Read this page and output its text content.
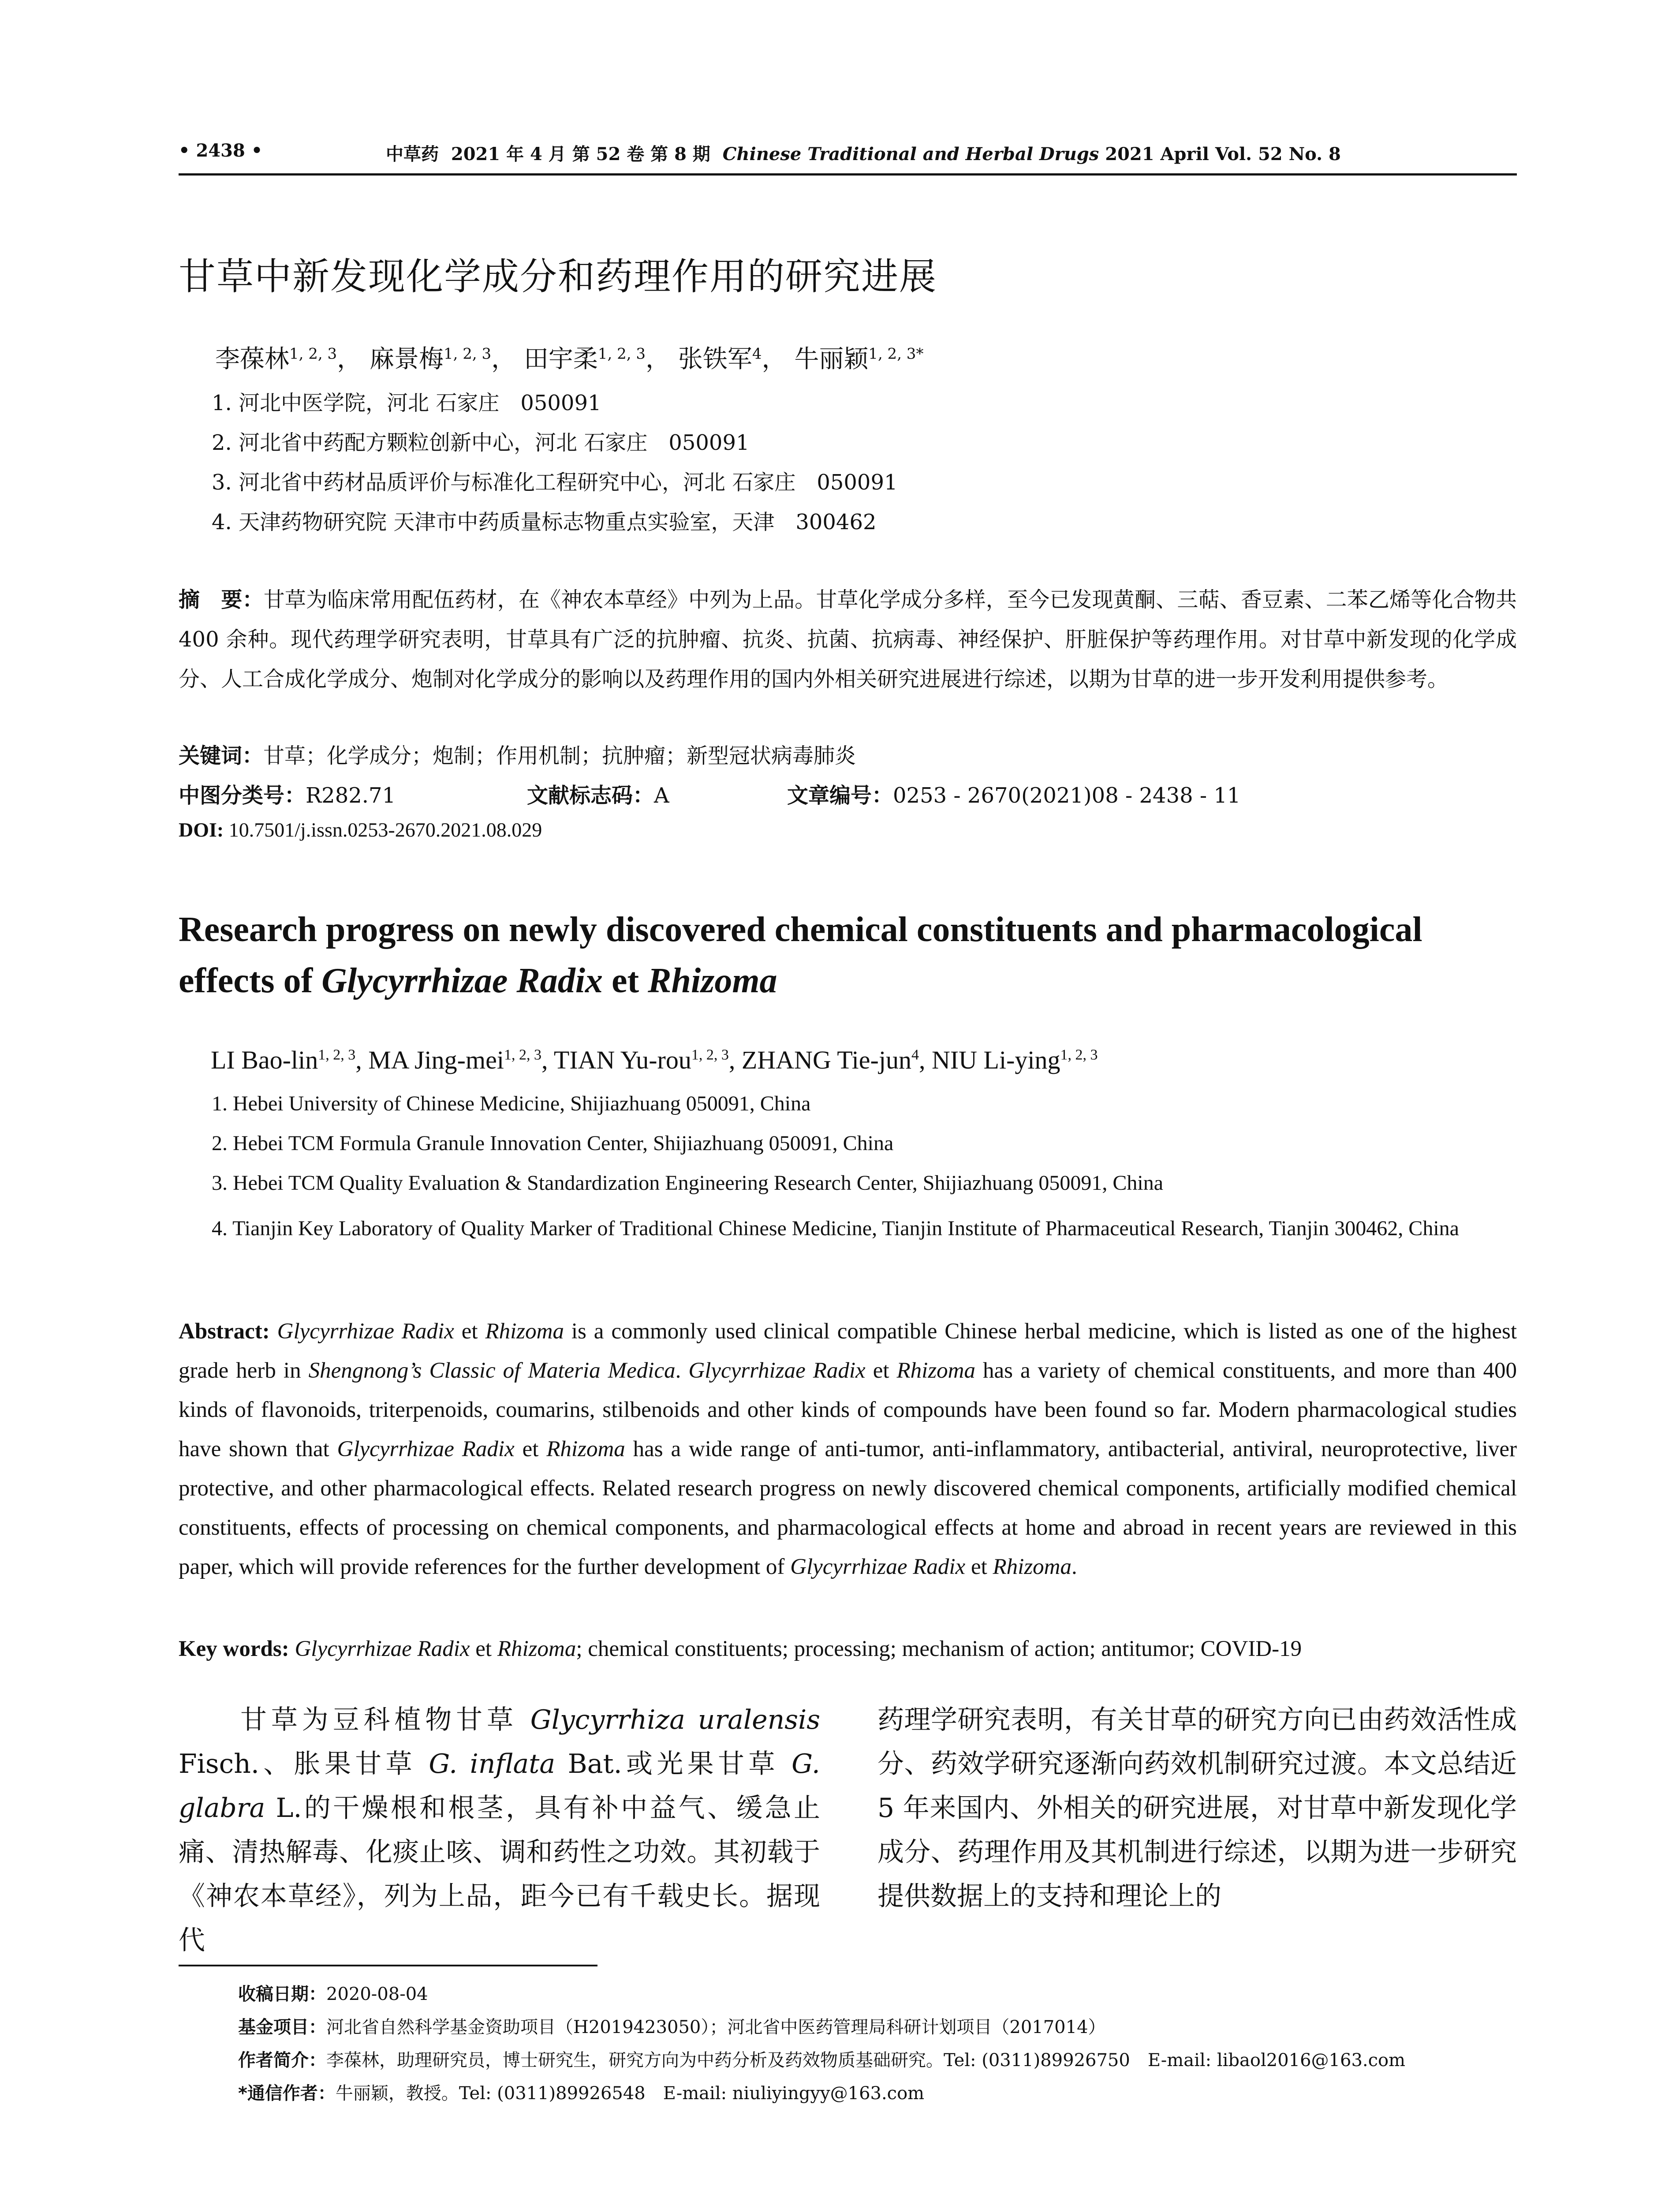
• 2438 •	中草药 2021 年 4 月 第 52 卷 第 8 期 Chinese Traditional and Herbal Drugs 2021 April Vol. 52 No. 8
甘草中新发现化学成分和药理作用的研究进展
李葆林$^{1, 2, 3}$， 麻景梅$^{1, 2, 3}$， 田宇柔$^{1, 2, 3}$， 张铁军$^4$， 牛丽颖$^{1, 2, 3*}$
1. 河北中医学院，河北 石家庄　050091
2. 河北省中药配方颗粒创新中心，河北 石家庄　050091
3. 河北省中药材品质评价与标准化工程研究中心，河北 石家庄　050091
4. 天津药物研究院 天津市中药质量标志物重点实验室，天津　300462
摘　要：甘草为临床常用配伍药材，在《神农本草经》中列为上品。甘草化学成分多样，至今已发现黄酮、三萜、香豆素、二苯乙烯等化合物共 400 余种。现代药理学研究表明，甘草具有广泛的抗肿瘤、抗炎、抗菌、抗病毒、神经保护、肝脏保护等药理作用。对甘草中新发现的化学成分、人工合成化学成分、炮制对化学成分的影响以及药理作用的国内外相关研究进展进行综述，以期为甘草的进一步开发利用提供参考。
关键词：甘草；化学成分；炮制；作用机制；抗肿瘤；新型冠状病毒肺炎
中图分类号：R282.71	文献标志码：A	文章编号：0253 - 2670(2021)08 - 2438 - 11
DOI: 10.7501/j.issn.0253-2670.2021.08.029
Research progress on newly discovered chemical constituents and pharmacological
effects of Glycyrrhizae Radix et Rhizoma
LI Bao-lin$^{1, 2, 3}$, MA Jing-mei$^{1, 2, 3}$, TIAN Yu-rou$^{1, 2, 3}$, ZHANG Tie-jun$^4$, NIU Li-ying$^{1, 2, 3}$
1. Hebei University of Chinese Medicine, Shijiazhuang 050091, China
2. Hebei TCM Formula Granule Innovation Center, Shijiazhuang 050091, China
3. Hebei TCM Quality Evaluation & Standardization Engineering Research Center, Shijiazhuang 050091, China
4. Tianjin Key Laboratory of Quality Marker of Traditional Chinese Medicine, Tianjin Institute of Pharmaceutical Research, Tianjin 300462, China
Abstract: Glycyrrhizae Radix et Rhizoma is a commonly used clinical compatible Chinese herbal medicine, which is listed as one of the highest grade herb in Shengnong’s Classic of Materia Medica. Glycyrrhizae Radix et Rhizoma has a variety of chemical constituents, and more than 400 kinds of flavonoids, triterpenoids, coumarins, stilbenoids and other kinds of compounds have been found so far. Modern pharmacological studies have shown that Glycyrrhizae Radix et Rhizoma has a wide range of anti-tumor, anti-inflammatory, antibacterial, antiviral, neuroprotective, liver protective, and other pharmacological effects. Related research progress on newly discovered chemical components, artificially modified chemical constituents, effects of processing on chemical components, and pharmacological effects at home and abroad in recent years are reviewed in this paper, which will provide references for the further development of Glycyrrhizae Radix et Rhizoma.
Key words: Glycyrrhizae Radix et Rhizoma; chemical constituents; processing; mechanism of action; antitumor; COVID-19
甘草为豆科植物甘草 Glycyrrhiza uralensis Fisch.、胀果甘草 G. inflata Bat.或光果甘草 G. glabra L.的干燥根和根茎，具有补中益气、缓急止痛、清热解毒、化痰止咳、调和药性之功效。其初载于《神农本草经》，列为上品，距今已有千载史长。据现代
药理学研究表明，有关甘草的研究方向已由药效活性成分、药效学研究逐渐向药效机制研究过渡。本文总结近 5 年来国内、外相关的研究进展，对甘草中新发现化学成分、药理作用及其机制进行综述，以期为进一步研究提供数据上的支持和理论上的
收稿日期：2020-08-04
基金项目：河北省自然科学基金资助项目（H2019423050）；河北省中医药管理局科研计划项目（2017014）
作者简介：李葆林，助理研究员，博士研究生，研究方向为中药分析及药效物质基础研究。Tel: (0311)89926750　E-mail: libaol2016@163.com
*通信作者：牛丽颖，教授。Tel: (0311)89926548　E-mail: niuliyingyy@163.com
